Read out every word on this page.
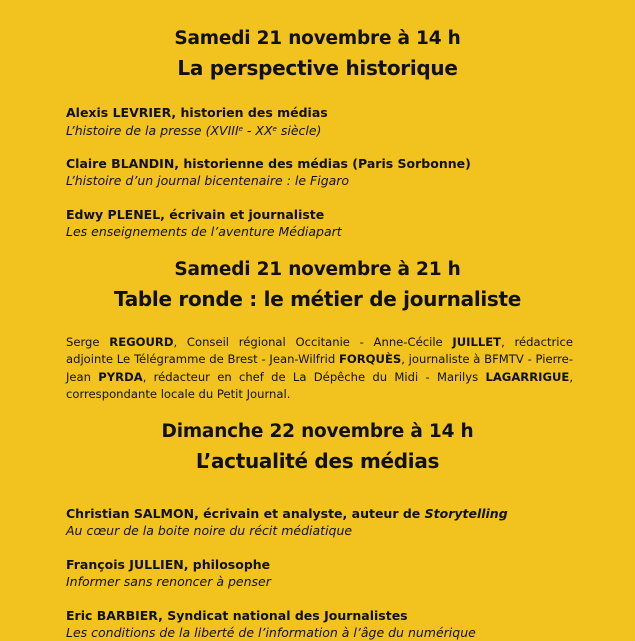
Samedi 21 novembre à 14 h
La perspective historique
Alexis LEVRIER, historien des médias
L’histoire de la presse (XVIIIe - XXe siècle)
Claire BLANDIN, historienne des médias (Paris Sorbonne)
L’histoire d’un journal bicentenaire : le Figaro
Edwy PLENEL, écrivain et journaliste
Les enseignements de l’aventure Médiapart
Samedi 21 novembre à 21 h
Table ronde : le métier de journaliste
Serge REGOURD, Conseil régional Occitanie - Anne-Cécile JUILLET, rédactrice adjointe Le Télégramme de Brest - Jean-Wilfrid FORQUÈS, journaliste à BFMTV - Pierre-Jean PYRDA, rédacteur en chef de La Dépêche du Midi - Marilys LAGARRIGUE, correspondante locale du Petit Journal.
Dimanche 22 novembre à 14 h
L’actualité des médias
Christian SALMON, écrivain et analyste, auteur de Storytelling
Au cœur de la boite noire du récit médiatique
François JULLIEN, philosophe
Informer sans renoncer à penser
Eric BARBIER, Syndicat national des Journalistes
Les conditions de la liberté de l’information à l’âge du numérique
